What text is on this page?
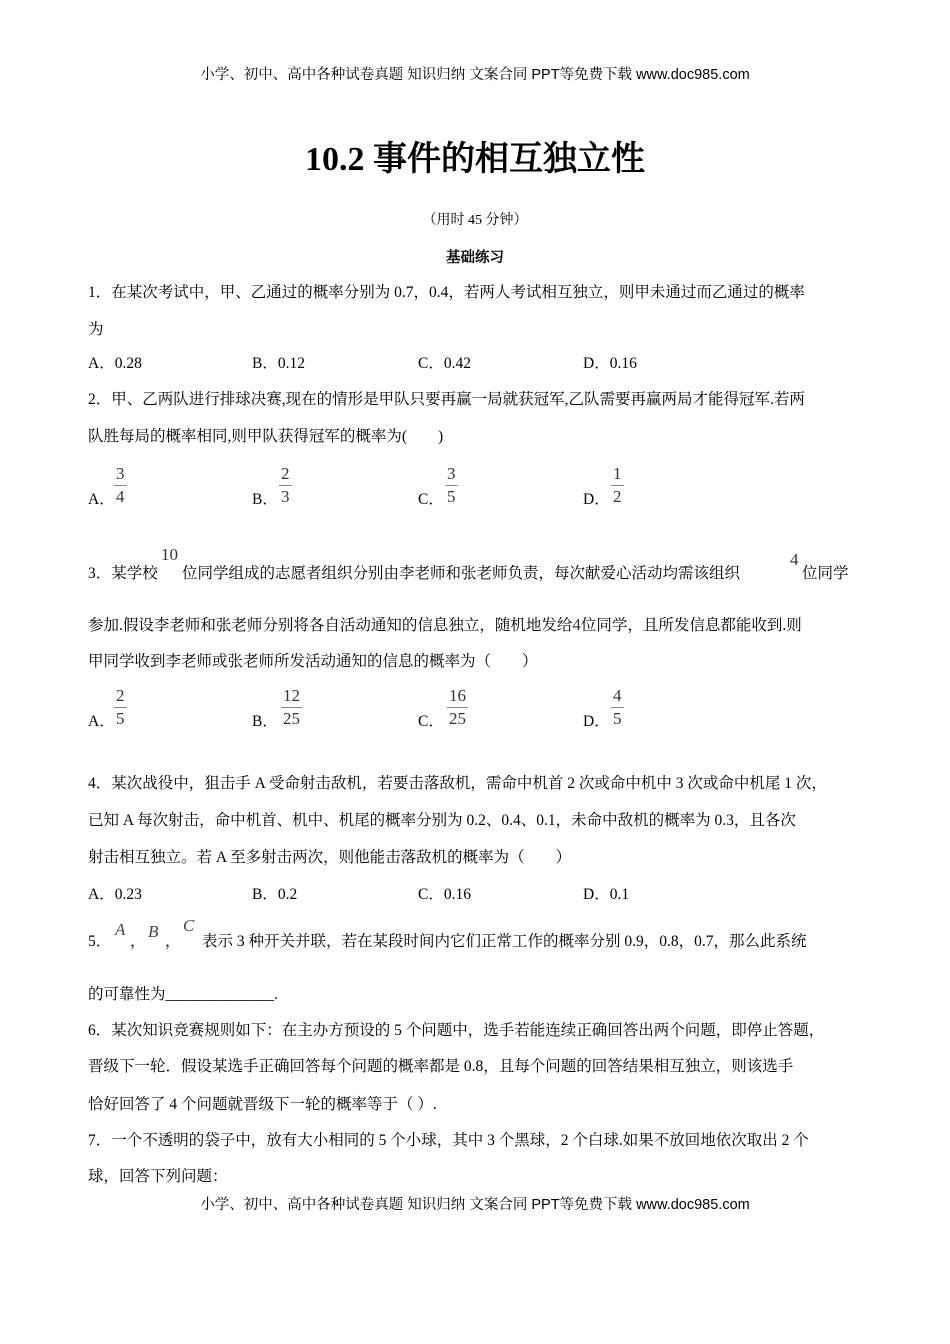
小学、初中、高中各种试卷真题 知识归纳 文案合同 PPT等免费下载 www.doc985.com
10.2 事件的相互独立性
（用时 45 分钟）
基础练习
1．在某次考试中，甲、乙通过的概率分别为 0.7，0.4，若两人考试相互独立，则甲未通过而乙通过的概率
为
A．0.28	B．0.12	C．0.42	D．0.16
2．甲、乙两队进行排球决赛,现在的情形是甲队只要再赢一局就获冠军,乙队需要再赢两局才能得冠军.若两
队胜每局的概率相同,则甲队获得冠军的概率为(　　)
A． $\frac{3}{4}$	B． $\frac{2}{3}$	C． $\frac{3}{5}$	D． $\frac{1}{2}$
3．某学校
10
位同学组成的志愿者组织分别由李老师和张老师负责，每次献爱心活动均需该组织
4
位同学
参加.假设李老师和张老师分别将各自活动通知的信息独立，随机地发给4位同学，且所发信息都能收到.则
甲同学收到李老师或张老师所发活动通知的信息的概率为（　　）
A． $\frac{2}{5}$	B． $\frac{12}{25}$	C． $\frac{16}{25}$	D． $\frac{4}{5}$
4．某次战役中，狙击手 A 受命射击敌机，若要击落敌机，需命中机首 2 次或命中机中 3 次或命中机尾 1 次，
已知 A 每次射击，命中机首、机中、机尾的概率分别为 0.2、0.4、0.1，未命中敌机的概率为 0.3，且各次
射击相互独立。若 A 至多射击两次，则他能击落敌机的概率为（　　）
A．0.23	B．0.2	C．0.16	D．0.1
5．
A
，
B
，
C
表示 3 种开关并联，若在某段时间内它们正常工作的概率分别 0.9，0.8，0.7，那么此系统
的可靠性为______________.
6．某次知识竞赛规则如下：在主办方预设的 5 个问题中，选手若能连续正确回答出两个问题，即停止答题，
晋级下一轮．假设某选手正确回答每个问题的概率都是 0.8，且每个问题的回答结果相互独立，则该选手
恰好回答了 4 个问题就晋级下一轮的概率等于（ ）.
7．一个不透明的袋子中，放有大小相同的 5 个小球，其中 3 个黑球，2 个白球.如果不放回地依次取出 2 个
球，回答下列问题：
小学、初中、高中各种试卷真题 知识归纳 文案合同 PPT等免费下载 www.doc985.com
